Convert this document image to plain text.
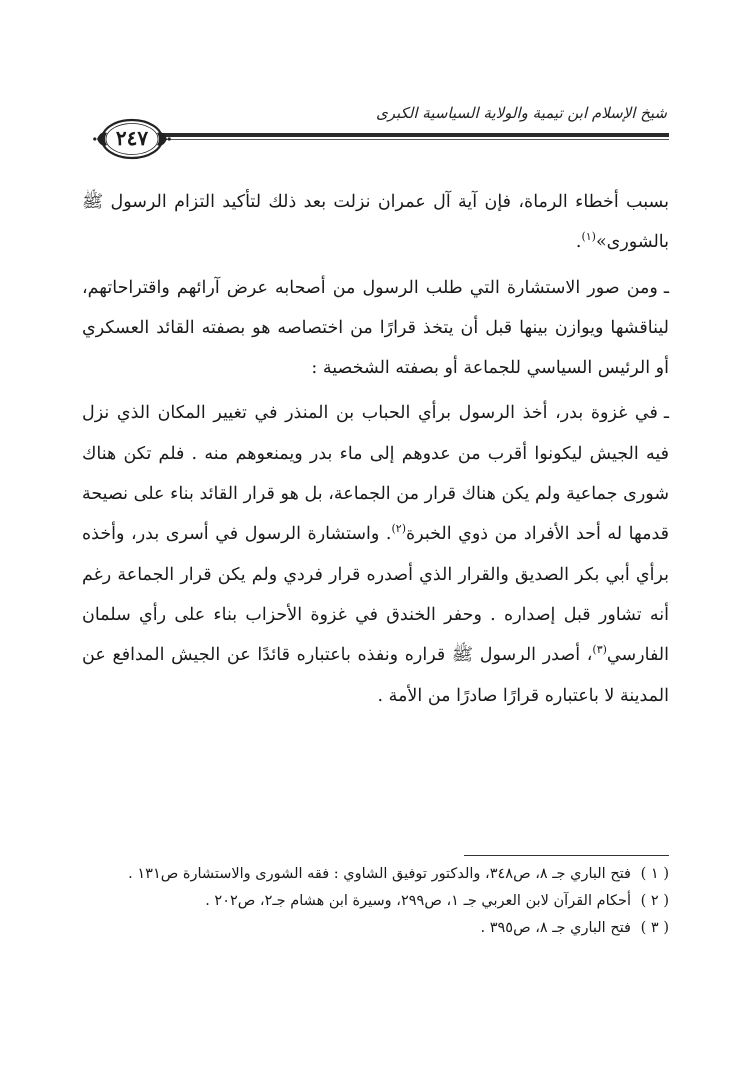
شيخ الإسلام ابن تيمية والولاية السياسية الكبرى
٢٤٧

بسبب أخطاء الرماة، فإن آية آل عمران نزلت بعد ذلك لتأكيد التزام الرسول ﷺ بالشورى»$^{(١)}$.

ـومن صور الاستشارة التي طلب الرسول من أصحابه عرض آرائهم واقتراحاتهم، ليناقشها ويوازن بينها قبل أن يتخذ قرارًا من اختصاصه هو بصفته القائد العسكري أو الرئيس السياسي للجماعة أو بصفته الشخصية :

ـفي غزوة بدر، أخذ الرسول برأي الحباب بن المنذر في تغيير المكان الذي نزل فيه الجيش ليكونوا أقرب من عدوهم إلى ماء بدر ويمنعوهم منه . فلم تكن هناك شورى جماعية ولم يكن هناك قرار من الجماعة، بل هو قرار القائد بناء على نصيحة قدمها له أحد الأفراد من ذوي الخبرة$^{(٢)}$. واستشارة الرسول في أسرى بدر، وأخذه برأي أبي بكر الصديق والقرار الذي أصدره قرار فردي ولم يكن قرار الجماعة رغم أنه تشاور قبل إصداره . وحفر الخندق في غزوة الأحزاب بناء على رأي سلمان الفارسي$^{(٣)}$، أصدر الرسول ﷺ قراره ونفذه باعتباره قائدًا عن الجيش المدافع عن المدينة لا باعتباره قرارًا صادرًا من الأمة .

( ١ )
فتح الباري جـ ٨، ص٣٤٨، والدكتور توفيق الشاوي : فقه الشورى والاستشارة ص١٣١ .
( ٢ )
أحكام القرآن لابن العربي جـ ١، ص٢٩٩، وسيرة ابن هشام جـ٢، ص٢٠٢ .
( ٣ )
فتح الباري جـ ٨، ص٣٩٥ .
